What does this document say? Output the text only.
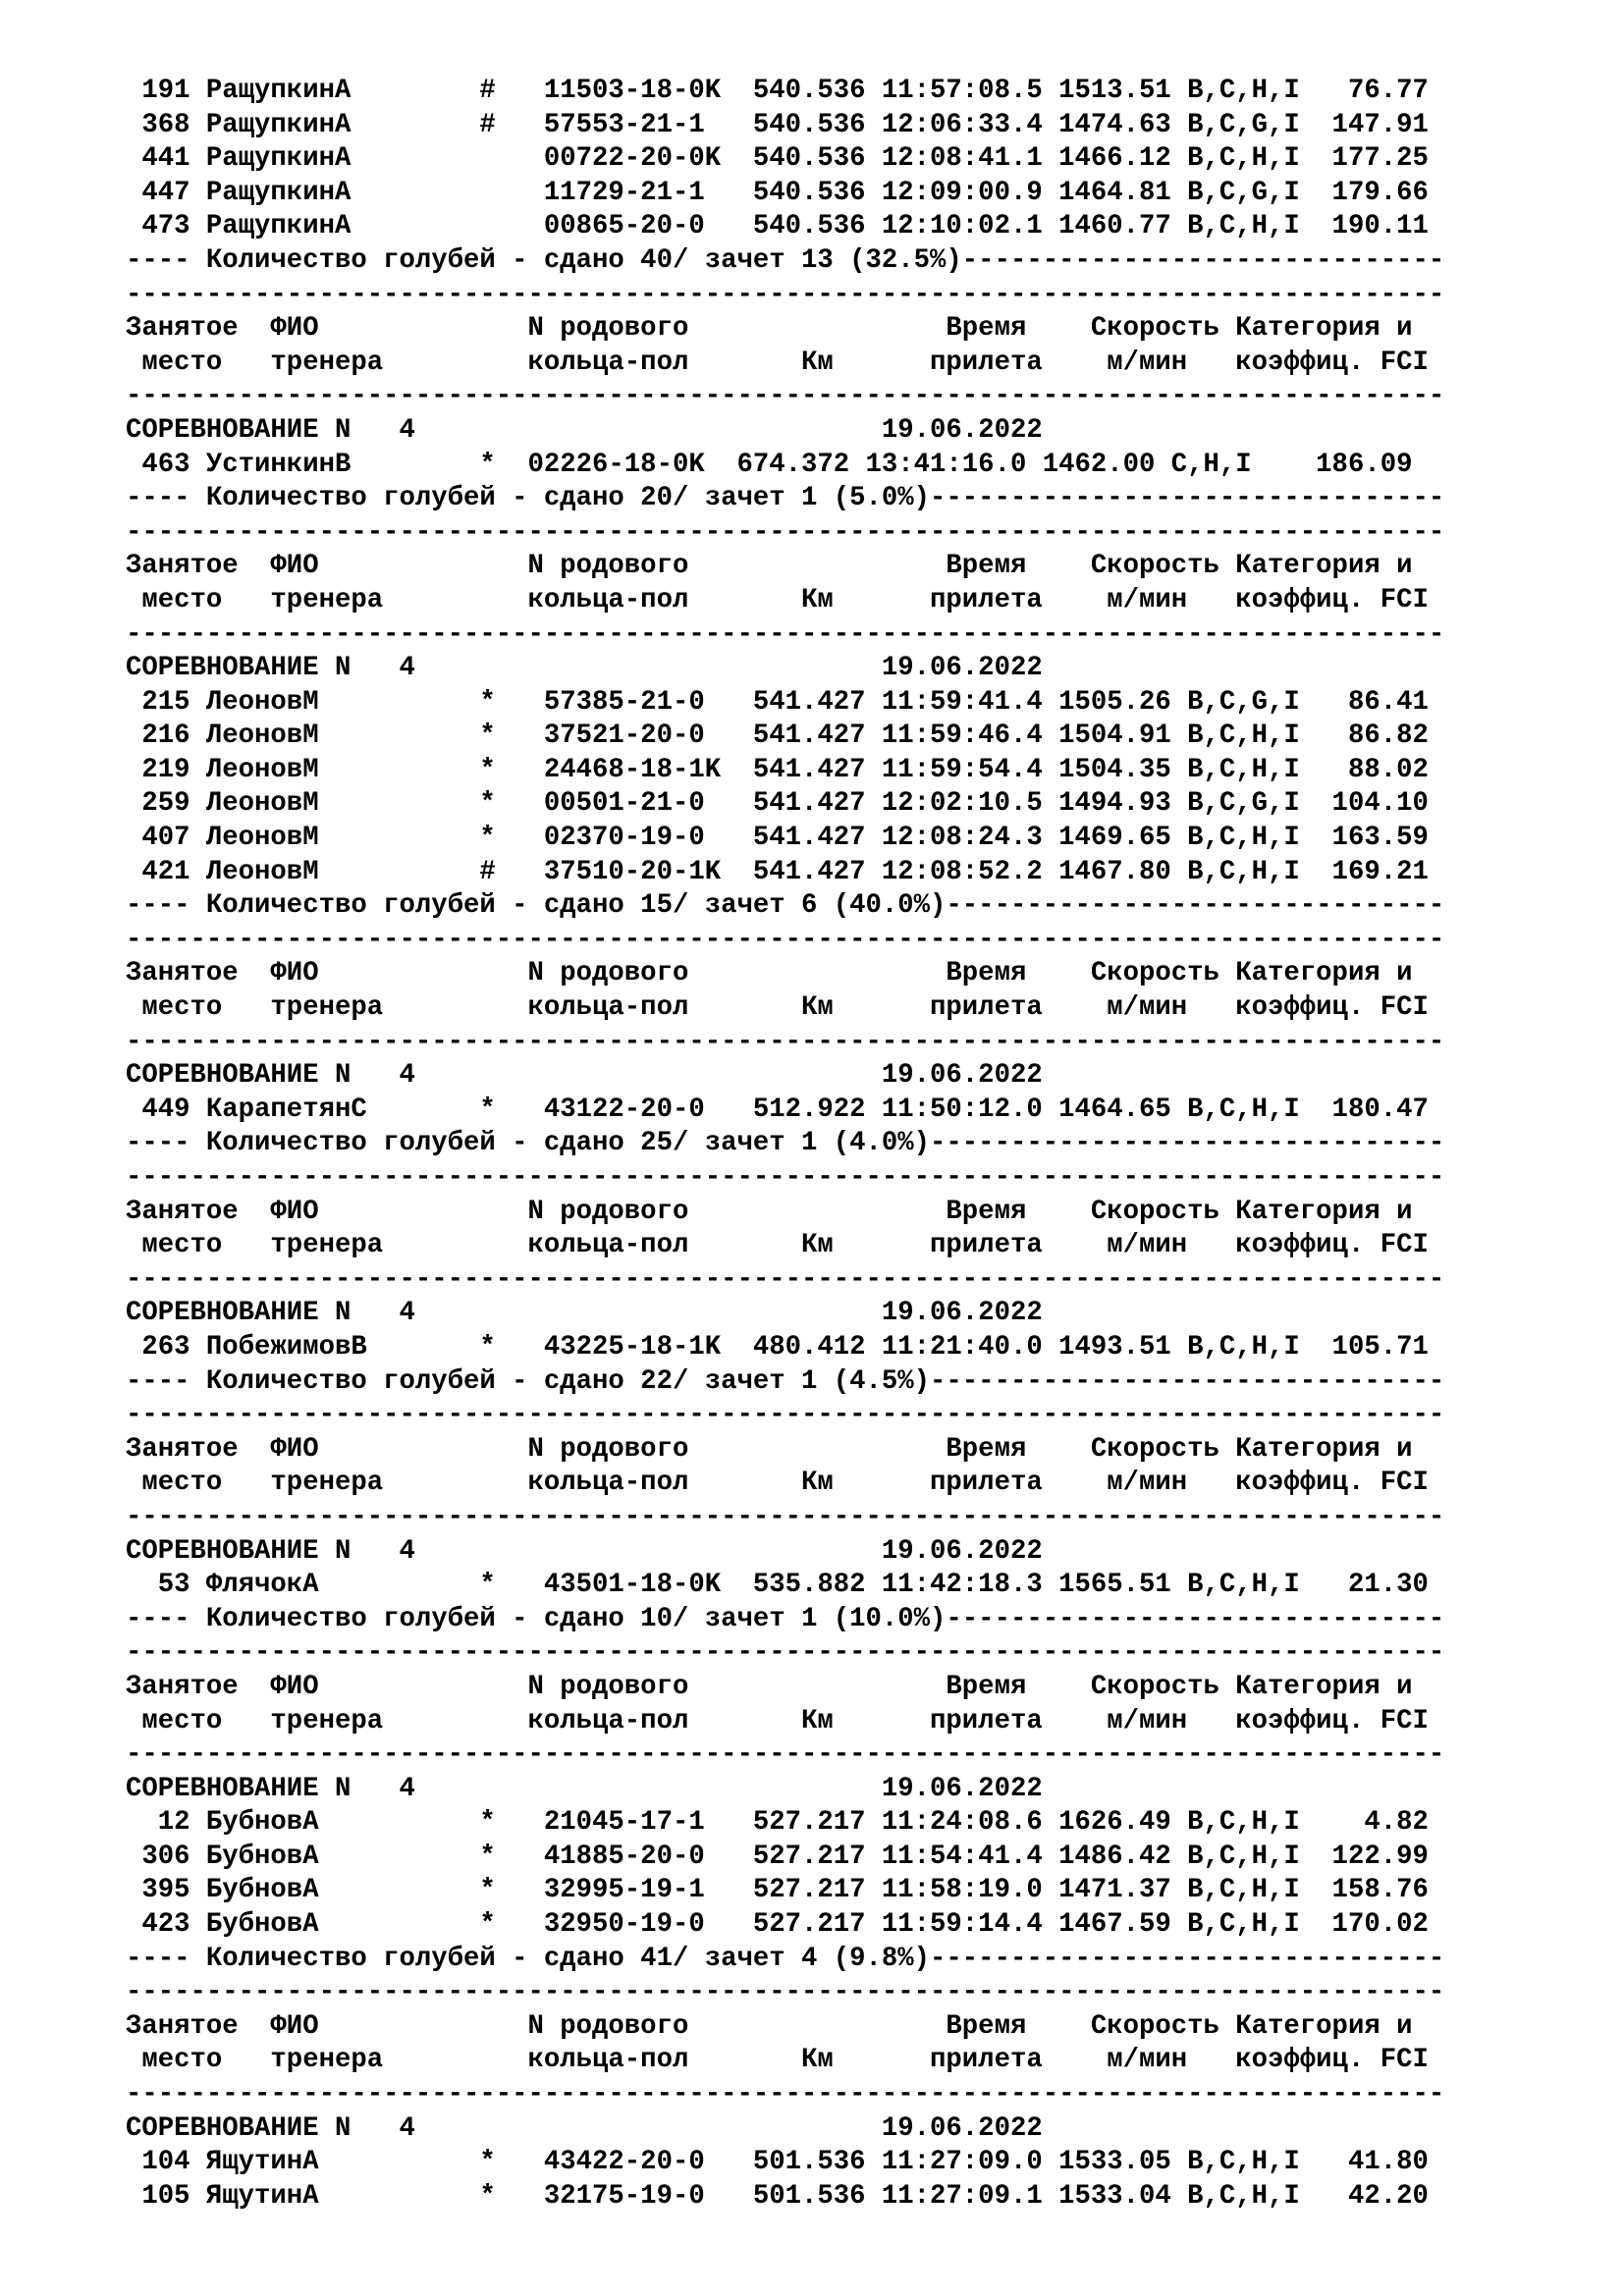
191 РащупкинА        #   11503-18-0K  540.536 11:57:08.5 1513.51 B,C,H,I   76.77
368 РащупкинА        #   57553-21-1   540.536 12:06:33.4 1474.63 B,C,G,I  147.91
441 РащупкинА            00722-20-0K  540.536 12:08:41.1 1466.12 B,C,H,I  177.25
447 РащупкинА            11729-21-1   540.536 12:09:00.9 1464.81 B,C,G,I  179.66
473 РащупкинА            00865-20-0   540.536 12:10:02.1 1460.77 B,C,H,I  190.11
---- Количество голубей - сдано 40/ зачет 13 (32.5%)------------------------------
----------------------------------------------------------------------------------
Занятое  ФИО             N родового                Время    Скорость Категория и
место   тренера         кольца-пол       Км      прилета    м/мин   коэффиц. FCI
----------------------------------------------------------------------------------
СОРЕВНОВАНИЕ N   4                             19.06.2022
463 УстинкинВ        *  02226-18-0K  674.372 13:41:16.0 1462.00 C,H,I    186.09
---- Количество голубей - сдано 20/ зачет 1 (5.0%)--------------------------------
----------------------------------------------------------------------------------
Занятое  ФИО             N родового                Время    Скорость Категория и
место   тренера         кольца-пол       Км      прилета    м/мин   коэффиц. FCI
----------------------------------------------------------------------------------
СОРЕВНОВАНИЕ N   4                             19.06.2022
215 ЛеоновМ          *   57385-21-0   541.427 11:59:41.4 1505.26 B,C,G,I   86.41
216 ЛеоновМ          *   37521-20-0   541.427 11:59:46.4 1504.91 B,C,H,I   86.82
219 ЛеоновМ          *   24468-18-1K  541.427 11:59:54.4 1504.35 B,C,H,I   88.02
259 ЛеоновМ          *   00501-21-0   541.427 12:02:10.5 1494.93 B,C,G,I  104.10
407 ЛеоновМ          *   02370-19-0   541.427 12:08:24.3 1469.65 B,C,H,I  163.59
421 ЛеоновМ          #   37510-20-1K  541.427 12:08:52.2 1467.80 B,C,H,I  169.21
---- Количество голубей - сдано 15/ зачет 6 (40.0%)-------------------------------
----------------------------------------------------------------------------------
Занятое  ФИО             N родового                Время    Скорость Категория и
место   тренера         кольца-пол       Км      прилета    м/мин   коэффиц. FCI
----------------------------------------------------------------------------------
СОРЕВНОВАНИЕ N   4                             19.06.2022
449 КарапетянС       *   43122-20-0   512.922 11:50:12.0 1464.65 B,C,H,I  180.47
---- Количество голубей - сдано 25/ зачет 1 (4.0%)--------------------------------
----------------------------------------------------------------------------------
Занятое  ФИО             N родового                Время    Скорость Категория и
место   тренера         кольца-пол       Км      прилета    м/мин   коэффиц. FCI
----------------------------------------------------------------------------------
СОРЕВНОВАНИЕ N   4                             19.06.2022
263 ПобежимовВ       *   43225-18-1K  480.412 11:21:40.0 1493.51 B,C,H,I  105.71
---- Количество голубей - сдано 22/ зачет 1 (4.5%)--------------------------------
----------------------------------------------------------------------------------
Занятое  ФИО             N родового                Время    Скорость Категория и
место   тренера         кольца-пол       Км      прилета    м/мин   коэффиц. FCI
----------------------------------------------------------------------------------
СОРЕВНОВАНИЕ N   4                             19.06.2022
53 ФлячокА          *   43501-18-0K  535.882 11:42:18.3 1565.51 B,C,H,I   21.30
---- Количество голубей - сдано 10/ зачет 1 (10.0%)-------------------------------
----------------------------------------------------------------------------------
Занятое  ФИО             N родового                Время    Скорость Категория и
место   тренера         кольца-пол       Км      прилета    м/мин   коэффиц. FCI
----------------------------------------------------------------------------------
СОРЕВНОВАНИЕ N   4                             19.06.2022
12 БубновА          *   21045-17-1   527.217 11:24:08.6 1626.49 B,C,H,I    4.82
306 БубновА          *   41885-20-0   527.217 11:54:41.4 1486.42 B,C,H,I  122.99
395 БубновА          *   32995-19-1   527.217 11:58:19.0 1471.37 B,C,H,I  158.76
423 БубновА          *   32950-19-0   527.217 11:59:14.4 1467.59 B,C,H,I  170.02
---- Количество голубей - сдано 41/ зачет 4 (9.8%)--------------------------------
----------------------------------------------------------------------------------
Занятое  ФИО             N родового                Время    Скорость Категория и
место   тренера         кольца-пол       Км      прилета    м/мин   коэффиц. FCI
----------------------------------------------------------------------------------
СОРЕВНОВАНИЕ N   4                             19.06.2022
104 ЯщутинА          *   43422-20-0   501.536 11:27:09.0 1533.05 B,C,H,I   41.80
105 ЯщутинА          *   32175-19-0   501.536 11:27:09.1 1533.04 B,C,H,I   42.20
